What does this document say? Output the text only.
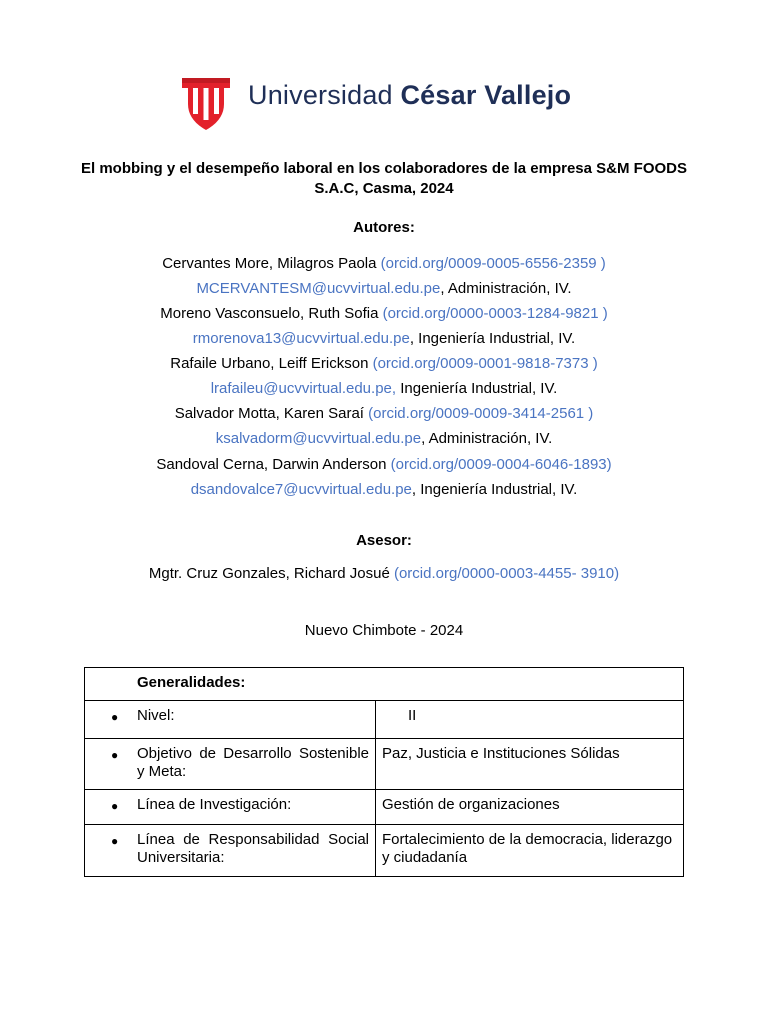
Universidad César Vallejo
El mobbing y el desempeño laboral en los colaboradores de la empresa S&M FOODS S.A.C, Casma, 2024
Autores:
Cervantes More, Milagros Paola (orcid.org/0009-0005-6556-2359 )
MCERVANTESM@ucvvirtual.edu.pe, Administración, IV.
Moreno Vasconsuelo, Ruth Sofia (orcid.org/0000-0003-1284-9821 )
rmorenova13@ucvvirtual.edu.pe, Ingeniería Industrial, IV.
Rafaile Urbano, Leiff Erickson (orcid.org/0009-0001-9818-7373 )
lrafaileu@ucvvirtual.edu.pe, Ingeniería Industrial, IV.
Salvador Motta, Karen Saraí (orcid.org/0009-0009-3414-2561 )
ksalvadorm@ucvvirtual.edu.pe, Administración, IV.
Sandoval Cerna, Darwin Anderson (orcid.org/0009-0004-6046-1893)
dsandovalce7@ucvvirtual.edu.pe, Ingeniería Industrial, IV.
Asesor:
Mgtr. Cruz Gonzales, Richard Josué (orcid.org/0000-0003-4455- 3910)
Nuevo Chimbote - 2024
Generalidades:	

● Nivel:	II

● Objetivo de Desarrollo Sostenible y Meta:	Paz, Justicia e Instituciones Sólidas

● Línea de Investigación:	Gestión de organizaciones

● Línea de Responsabilidad Social Universitaria:	Fortalecimiento de la democracia, liderazgo y ciudadanía
